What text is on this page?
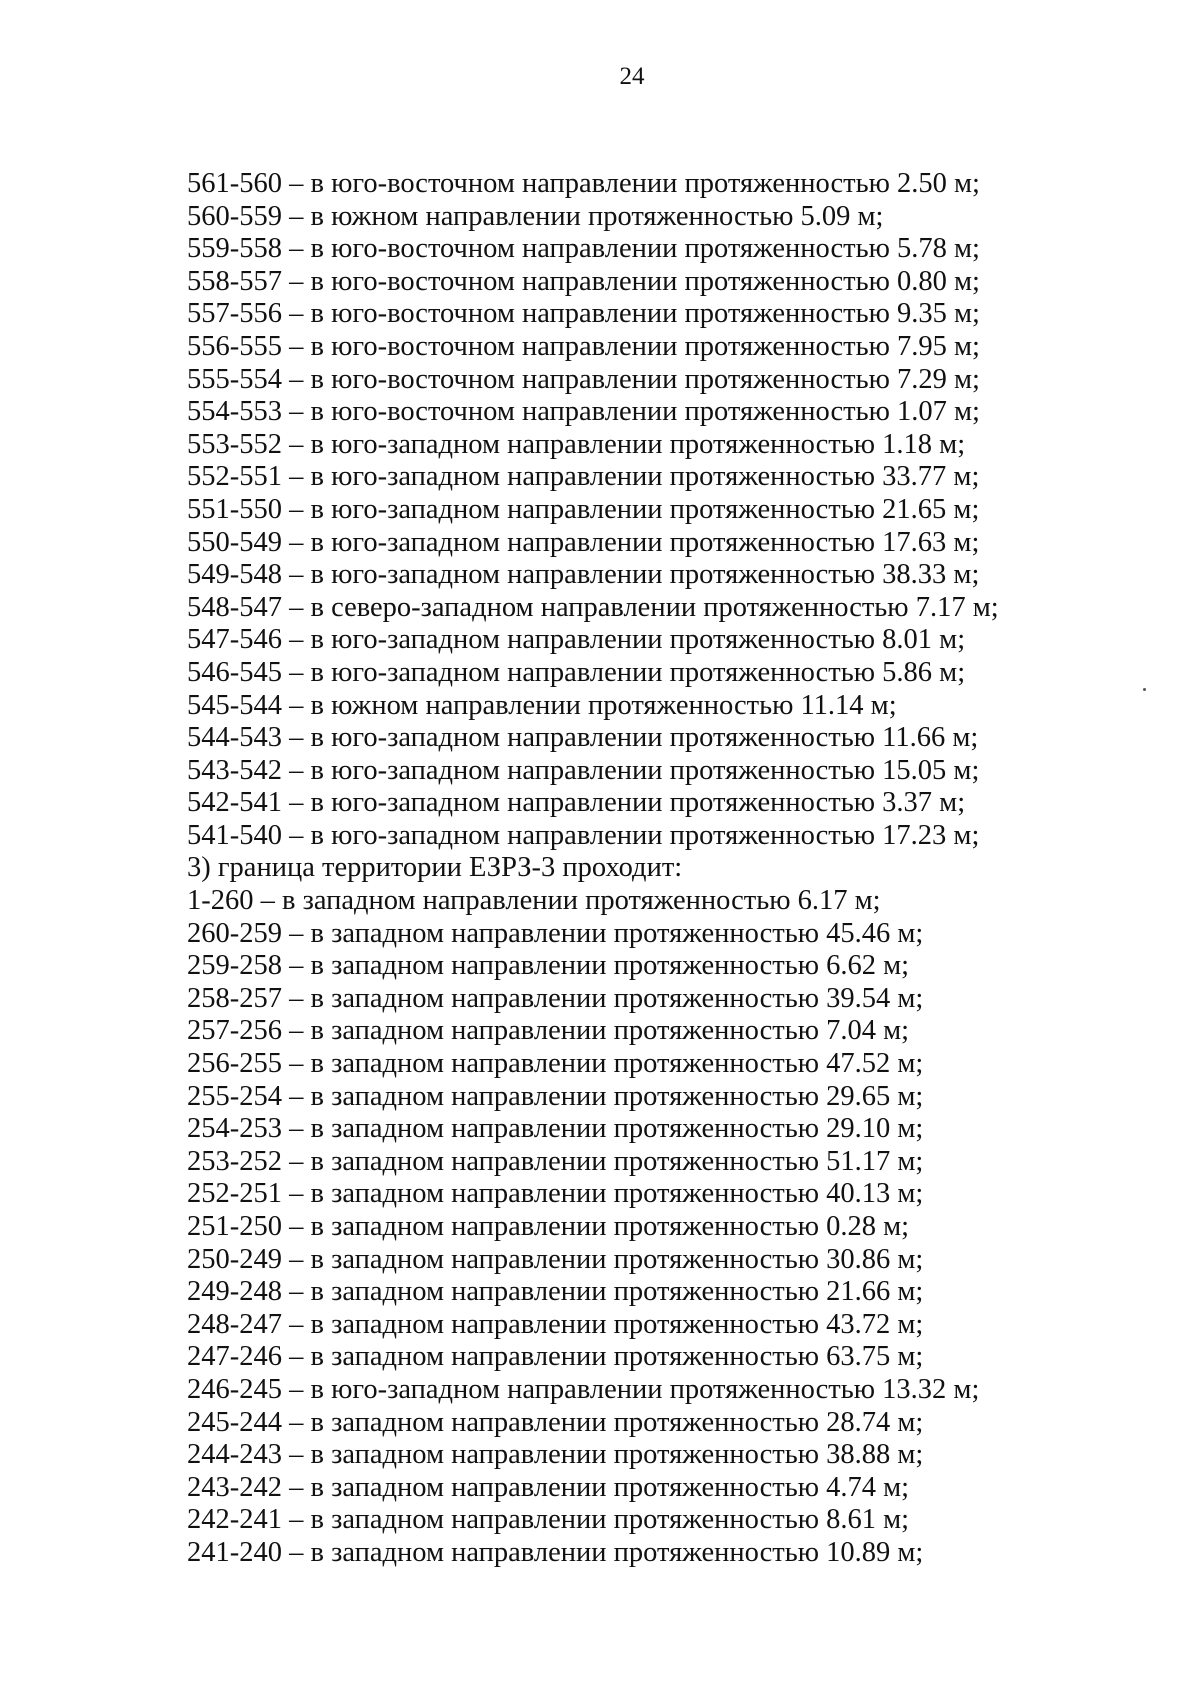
24
561-560 – в юго-восточном направлении протяженностью 2.50 м;
560-559 – в южном направлении протяженностью 5.09 м;
559-558 – в юго-восточном направлении протяженностью 5.78 м;
558-557 – в юго-восточном направлении протяженностью 0.80 м;
557-556 – в юго-восточном направлении протяженностью 9.35 м;
556-555 – в юго-восточном направлении протяженностью 7.95 м;
555-554 – в юго-восточном направлении протяженностью 7.29 м;
554-553 – в юго-восточном направлении протяженностью 1.07 м;
553-552 – в юго-западном направлении протяженностью 1.18 м;
552-551 – в юго-западном направлении протяженностью 33.77 м;
551-550 – в юго-западном направлении протяженностью 21.65 м;
550-549 – в юго-западном направлении протяженностью 17.63 м;
549-548 – в юго-западном направлении протяженностью 38.33 м;
548-547 – в северо-западном направлении протяженностью 7.17 м;
547-546 – в юго-западном направлении протяженностью 8.01 м;
546-545 – в юго-западном направлении протяженностью 5.86 м;
545-544 – в южном направлении протяженностью 11.14 м;
544-543 – в юго-западном направлении протяженностью 11.66 м;
543-542 – в юго-западном направлении протяженностью 15.05 м;
542-541 – в юго-западном направлении протяженностью 3.37 м;
541-540 – в юго-западном направлении протяженностью 17.23 м;
3) граница территории ЕЗРЗ-3 проходит:
1-260 – в западном направлении протяженностью 6.17 м;
260-259 – в западном направлении протяженностью 45.46 м;
259-258 – в западном направлении протяженностью 6.62 м;
258-257 – в западном направлении протяженностью 39.54 м;
257-256 – в западном направлении протяженностью 7.04 м;
256-255 – в западном направлении протяженностью 47.52 м;
255-254 – в западном направлении протяженностью 29.65 м;
254-253 – в западном направлении протяженностью 29.10 м;
253-252 – в западном направлении протяженностью 51.17 м;
252-251 – в западном направлении протяженностью 40.13 м;
251-250 – в западном направлении протяженностью 0.28 м;
250-249 – в западном направлении протяженностью 30.86 м;
249-248 – в западном направлении протяженностью 21.66 м;
248-247 – в западном направлении протяженностью 43.72 м;
247-246 – в западном направлении протяженностью 63.75 м;
246-245 – в юго-западном направлении протяженностью 13.32 м;
245-244 – в западном направлении протяженностью 28.74 м;
244-243 – в западном направлении протяженностью 38.88 м;
243-242 – в западном направлении протяженностью 4.74 м;
242-241 – в западном направлении протяженностью 8.61 м;
241-240 – в западном направлении протяженностью 10.89 м;
